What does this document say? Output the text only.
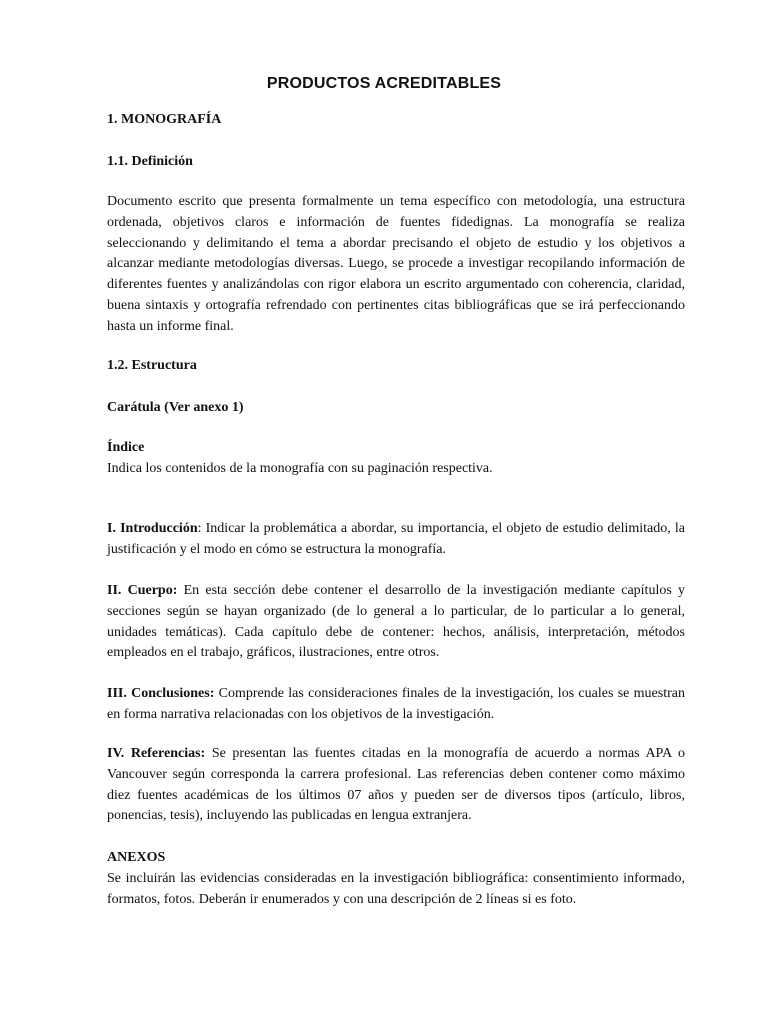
PRODUCTOS ACREDITABLES

1. MONOGRAFÍA

1.1. Definición

Documento escrito que presenta formalmente un tema específico con metodología, una estructura ordenada, objetivos claros e información de fuentes fidedignas. La monografía se realiza seleccionando y delimitando el tema a abordar precisando el objeto de estudio y los objetivos a alcanzar mediante metodologías diversas. Luego, se procede a investigar recopilando información de diferentes fuentes y analizándolas con rigor elabora un escrito argumentado con coherencia, claridad, buena sintaxis y ortografía refrendado con pertinentes citas bibliográficas que se irá perfeccionando hasta un informe final.

1.2. Estructura

Carátula (Ver anexo 1)

Índice

Indica los contenidos de la monografía con su paginación respectiva.

I. Introducción: Indicar la problemática a abordar, su importancia, el objeto de estudio delimitado, la justificación y el modo en cómo se estructura la monografía.

II. Cuerpo: En esta sección debe contener el desarrollo de la investigación mediante capítulos y secciones según se hayan organizado (de lo general a lo particular, de lo particular a lo general, unidades temáticas). Cada capítulo debe de contener: hechos, análisis, interpretación, métodos empleados en el trabajo, gráficos, ilustraciones, entre otros.

III. Conclusiones: Comprende las consideraciones finales de la investigación, los cuales se muestran en forma narrativa relacionadas con los objetivos de la investigación.

IV. Referencias: Se presentan las fuentes citadas en la monografía de acuerdo a normas APA o Vancouver según corresponda la carrera profesional. Las referencias deben contener como máximo diez fuentes académicas de los últimos 07 años y pueden ser de diversos tipos (artículo, libros, ponencias, tesis), incluyendo las publicadas en lengua extranjera.

ANEXOS

Se incluirán las evidencias consideradas en la investigación bibliográfica: consentimiento informado, formatos, fotos. Deberán ir enumerados y con una descripción de 2 líneas si es foto.
